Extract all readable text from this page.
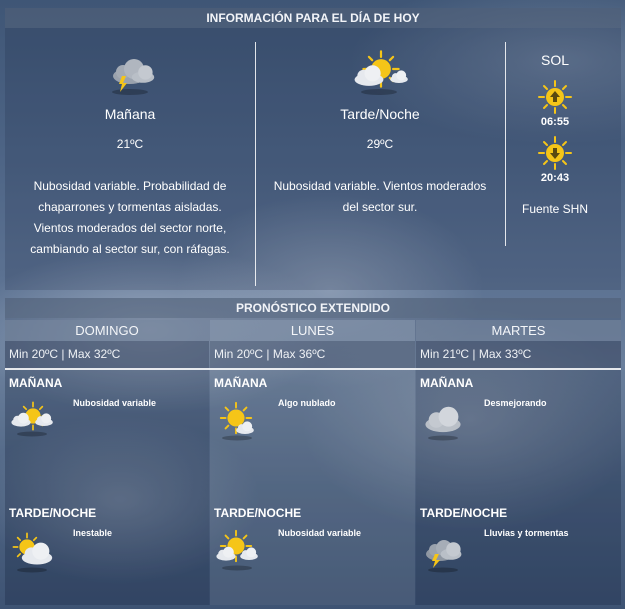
INFORMACIÓN PARA EL DÍA DE HOY
Mañana
21ºC
Nubosidad variable. Probabilidad de
chaparrones y tormentas aisladas.
Vientos moderados del sector norte,
cambiando al sector sur, con ráfagas.
Tarde/Noche
29ºC
Nubosidad variable. Vientos moderados
del sector sur.
SOL
06:55
20:43
Fuente SHN
PRONÓSTICO EXTENDIDO
DOMINGO
Min 20ºC | Max 32ºC
MAÑANA
Nubosidad variable
TARDE/NOCHE
Inestable
LUNES
Min 20ºC | Max 36ºC
MAÑANA
Algo nublado
TARDE/NOCHE
Nubosidad variable
MARTES
Min 21ºC | Max 33ºC
MAÑANA
Desmejorando
TARDE/NOCHE
Lluvias y tormentas
